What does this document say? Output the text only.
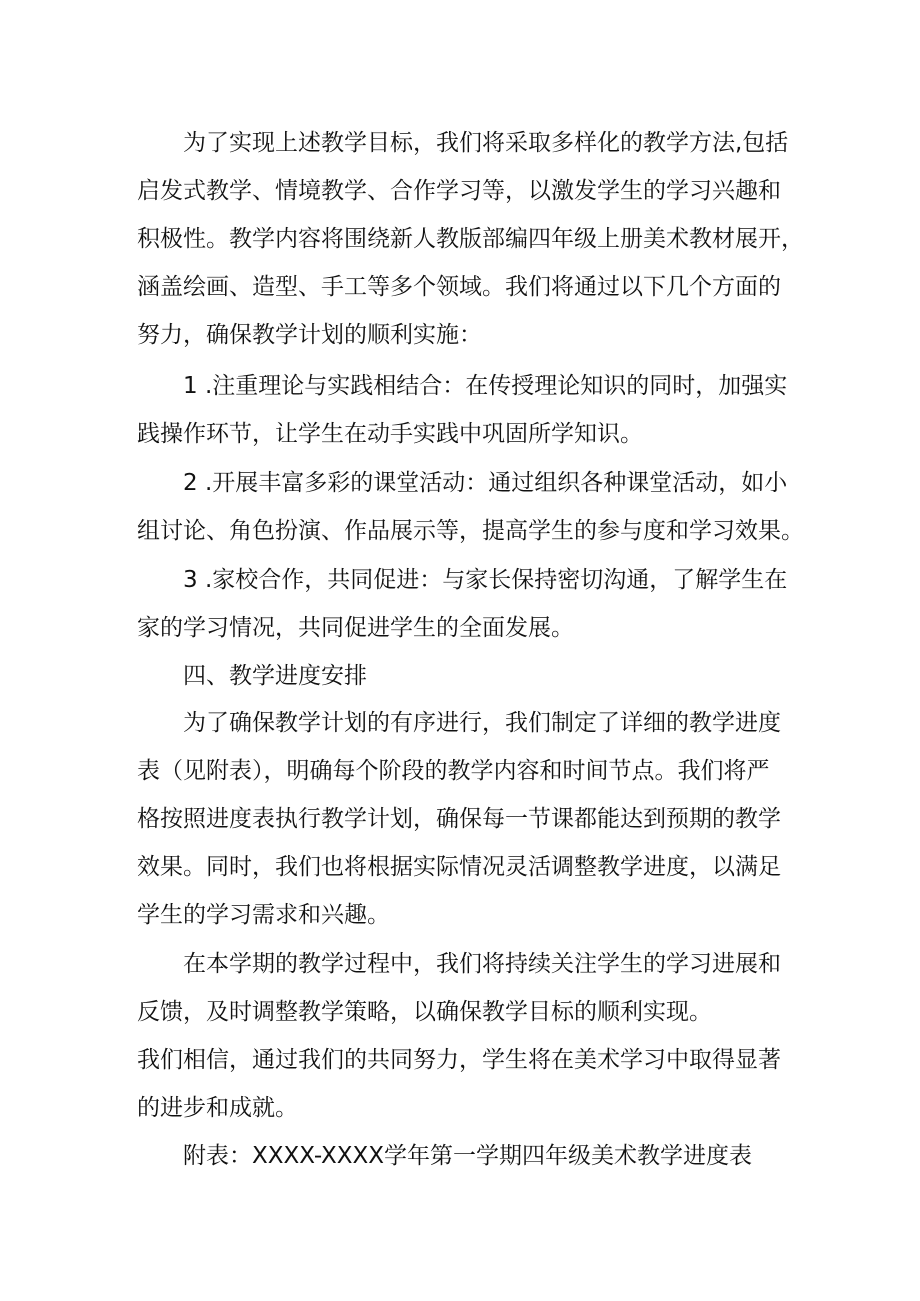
为了实现上述教学目标，我们将采取多样化的教学方法,包括
启发式教学、情境教学、合作学习等，以激发学生的学习兴趣和
积极性。教学内容将围绕新人教版部编四年级上册美术教材展开，
涵盖绘画、造型、手工等多个领域。我们将通过以下几个方面的
努力，确保教学计划的顺利实施：
1 .注重理论与实践相结合：在传授理论知识的同时，加强实
践操作环节，让学生在动手实践中巩固所学知识。
2 .开展丰富多彩的课堂活动：通过组织各种课堂活动，如小
组讨论、角色扮演、作品展示等，提高学生的参与度和学习效果。
3 .家校合作，共同促进：与家长保持密切沟通，了解学生在
家的学习情况，共同促进学生的全面发展。
四、教学进度安排
为了确保教学计划的有序进行，我们制定了详细的教学进度
表（见附表），明确每个阶段的教学内容和时间节点。我们将严
格按照进度表执行教学计划，确保每一节课都能达到预期的教学
效果。同时，我们也将根据实际情况灵活调整教学进度，以满足
学生的学习需求和兴趣。
在本学期的教学过程中，我们将持续关注学生的学习进展和
反馈，及时调整教学策略，以确保教学目标的顺利实现。
我们相信，通过我们的共同努力，学生将在美术学习中取得显著
的进步和成就。
附表：XXXX-XXXX学年第一学期四年级美术教学进度表
